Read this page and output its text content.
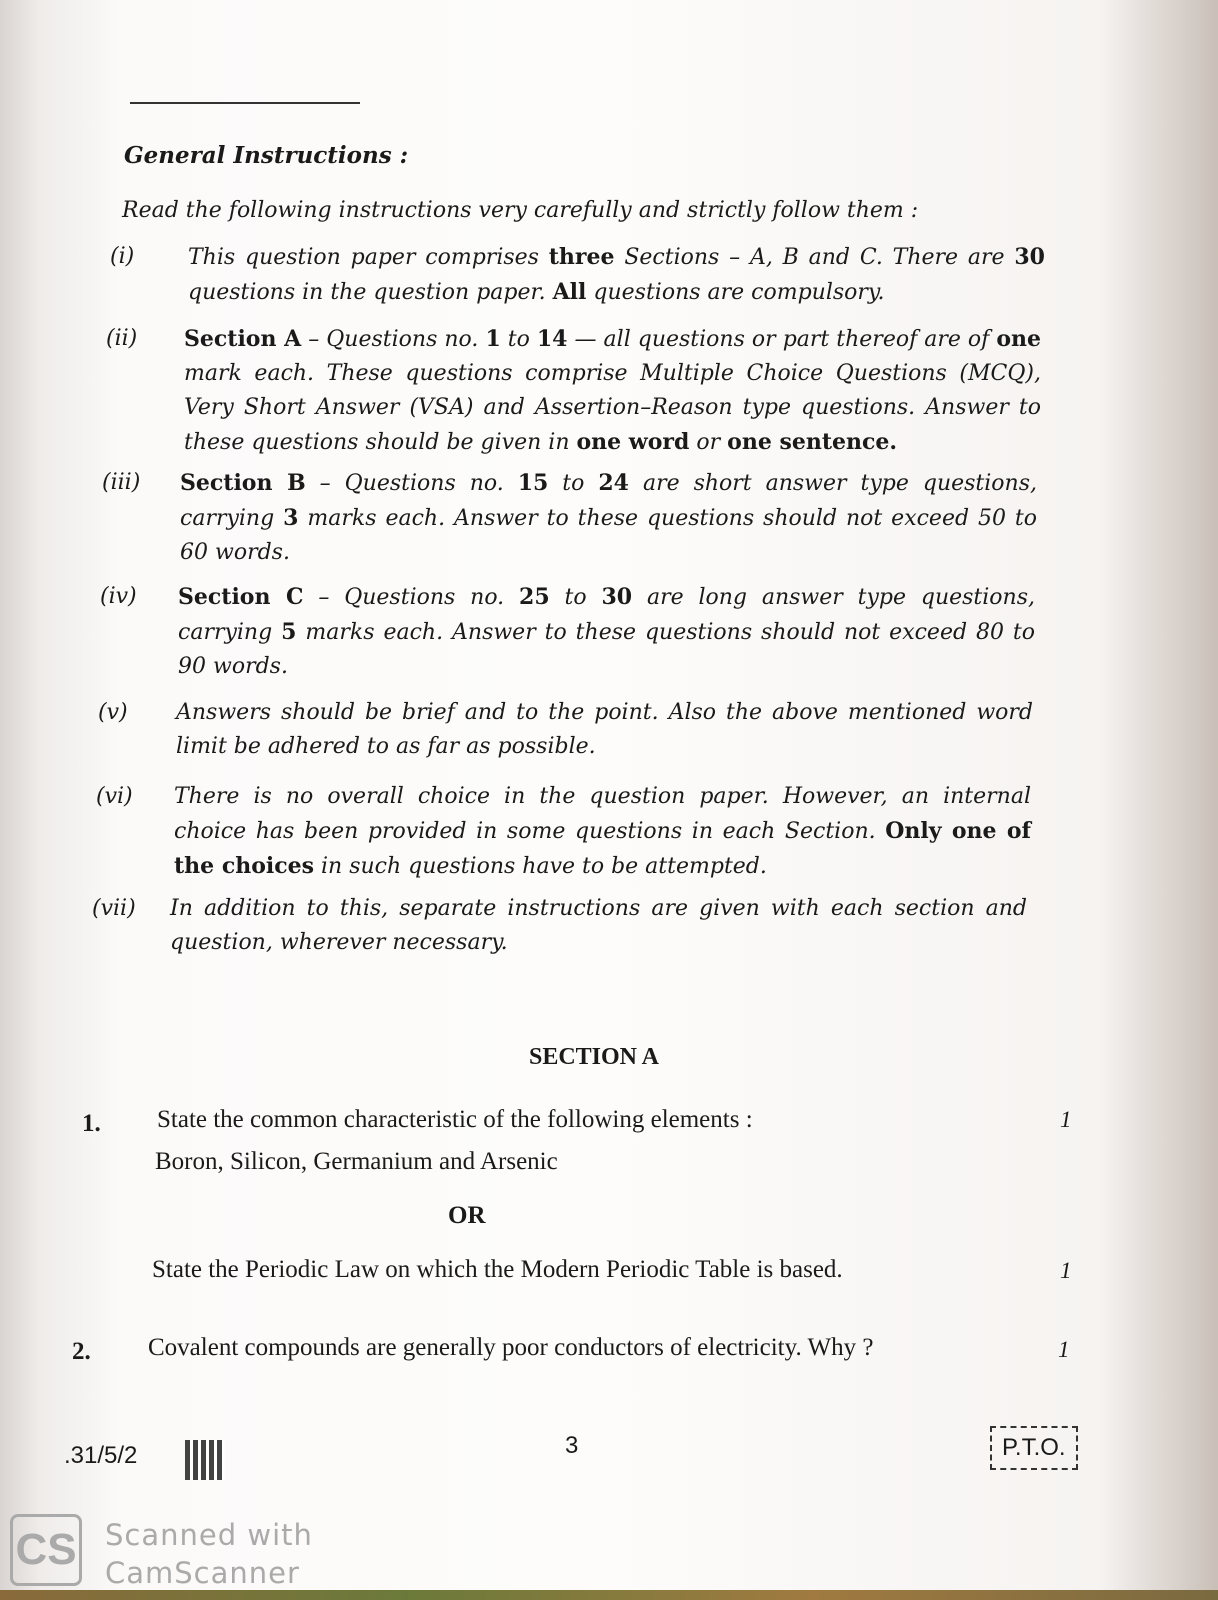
General Instructions :
Read the following instructions very carefully and strictly follow them :
(i)	This question paper comprises three Sections – A, B and C. There are 30 questions in the question paper. All questions are compulsory.
(ii)	Section A – Questions no. 1 to 14 — all questions or part thereof are of one mark each. These questions comprise Multiple Choice Questions (MCQ), Very Short Answer (VSA) and Assertion–Reason type questions. Answer to these questions should be given in one word or one sentence.
(iii)	Section B – Questions no. 15 to 24 are short answer type questions, carrying 3 marks each. Answer to these questions should not exceed 50 to 60 words.
(iv)	Section C – Questions no. 25 to 30 are long answer type questions, carrying 5 marks each. Answer to these questions should not exceed 80 to 90 words.
(v)	Answers should be brief and to the point. Also the above mentioned word limit be adhered to as far as possible.
(vi)	There is no overall choice in the question paper. However, an internal choice has been provided in some questions in each Section. Only one of the choices in such questions have to be attempted.
(vii)	In addition to this, separate instructions are given with each section and question, wherever necessary.
SECTION A
1. State the common characteristic of the following elements :
Boron, Silicon, Germanium and Arsenic
1
OR
State the Periodic Law on which the Modern Periodic Table is based.	1
2. Covalent compounds are generally poor conductors of electricity. Why ?	1
.31/5/2	3	P.T.O.
CS Scanned with
CamScanner
